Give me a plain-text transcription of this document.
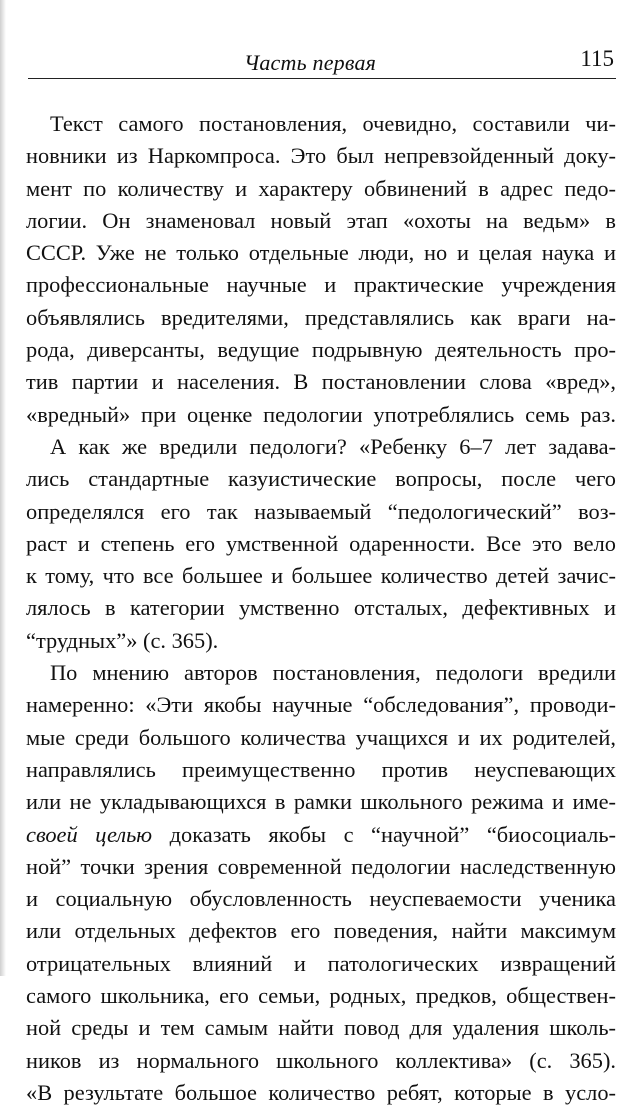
Часть первая	115
Текст самого постановления, очевидно, составили чи-
новники из Наркомпроса. Это был непревзойденный доку-
мент по количеству и характеру обвинений в адрес педо-
логии. Он знаменовал новый этап «охоты на ведьм» в
СССР. Уже не только отдельные люди, но и целая наука и
профессиональные научные и практические учреждения
объявлялись вредителями, представлялись как враги на-
рода, диверсанты, ведущие подрывную деятельность про-
тив партии и населения. В постановлении слова «вред»,
«вредный» при оценке педологии употреблялись семь раз.
А как же вредили педологи? «Ребенку 6–7 лет задава-
лись стандартные казуистические вопросы, после чего
определялся его так называемый “педологический” воз-
раст и степень его умственной одаренности. Все это вело
к тому, что все большее и большее количество детей зачис-
лялось в категории умственно отсталых, дефективных и
“трудных”» (с. 365).
По мнению авторов постановления, педологи вредили
намеренно: «Эти якобы научные “обследования”, проводи-
мые среди большого количества учащихся и их родителей,
направлялись преимущественно против неуспевающих
или не укладывающихся в рамки школьного режима и име-
своей целью доказать якобы с “научной” “биосоциаль-
ной” точки зрения современной педологии наследственную
и социальную обусловленность неуспеваемости ученика
или отдельных дефектов его поведения, найти максимум
отрицательных влияний и патологических извращений
самого школьника, его семьи, родных, предков, обществен-
ной среды и тем самым найти повод для удаления школь-
ников из нормального школьного коллектива» (с. 365).
«В результате большое количество ребят, которые в усло-
